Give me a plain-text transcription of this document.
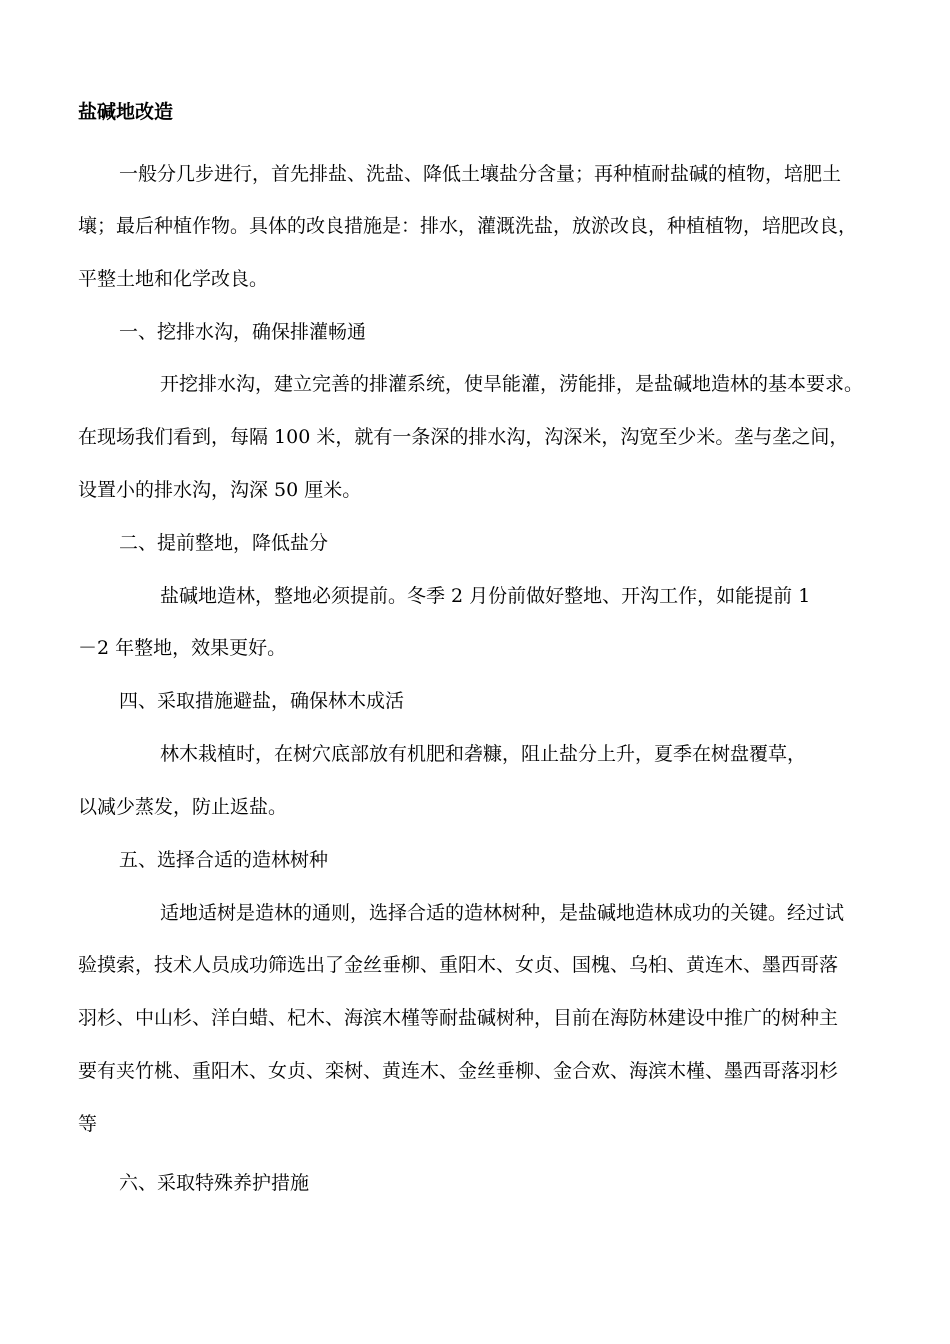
盐碱地改造
一般分几步进行，首先排盐、洗盐、降低土壤盐分含量；再种植耐盐碱的植物，培肥土
壤；最后种植作物。具体的改良措施是：排水，灌溉洗盐，放淤改良，种植植物，培肥改良，
平整土地和化学改良。
一、挖排水沟，确保排灌畅通
开挖排水沟，建立完善的排灌系统，使旱能灌，涝能排，是盐碱地造林的基本要求。
在现场我们看到，每隔 100 米，就有一条深的排水沟，沟深米，沟宽至少米。垄与垄之间，
设置小的排水沟，沟深 50 厘米。
二、提前整地，降低盐分
盐碱地造林，整地必须提前。冬季 2 月份前做好整地、开沟工作，如能提前 1
－2 年整地，效果更好。
四、采取措施避盐，确保林木成活
林木栽植时，在树穴底部放有机肥和砻糠，阻止盐分上升，夏季在树盘覆草，
以减少蒸发，防止返盐。
五、选择合适的造林树种
适地适树是造林的通则，选择合适的造林树种，是盐碱地造林成功的关键。经过试
验摸索，技术人员成功筛选出了金丝垂柳、重阳木、女贞、国槐、乌桕、黄连木、墨西哥落
羽杉、中山杉、洋白蜡、杞木、海滨木槿等耐盐碱树种，目前在海防林建设中推广的树种主
要有夹竹桃、重阳木、女贞、栾树、黄连木、金丝垂柳、金合欢、海滨木槿、墨西哥落羽杉
等
六、采取特殊养护措施
